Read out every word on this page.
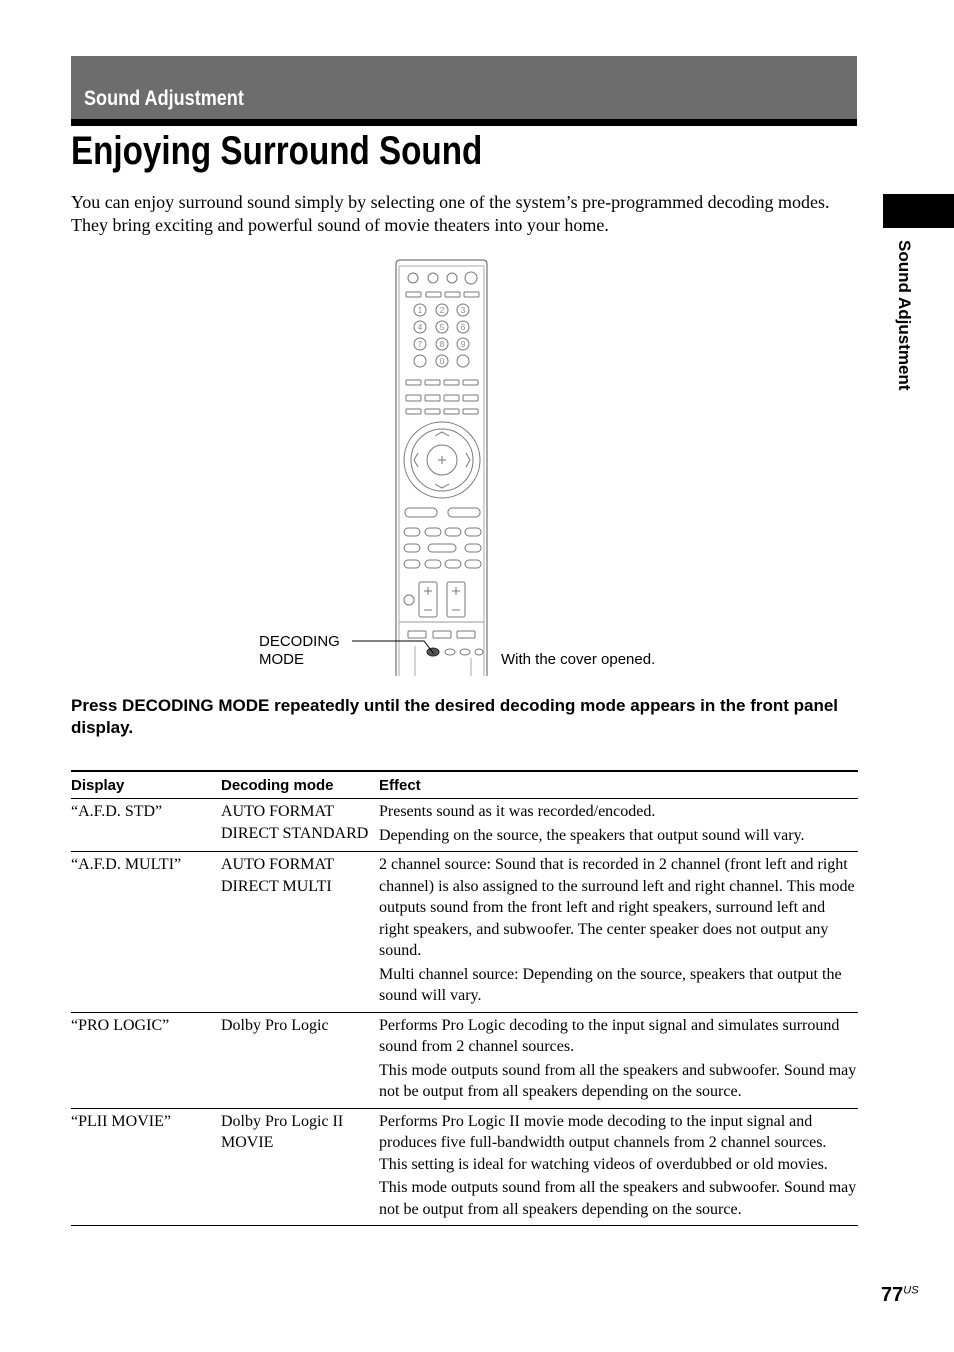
Sound Adjustment
Enjoying Surround Sound

You can enjoy surround sound simply by selecting one of the system’s pre-programmed decoding modes. They bring exciting and powerful sound of movie theaters into your home.

Sound Adjustment
1 2 3
4 5 6
7 8 9
0
DECODING
MODE	With the cover opened.

Press DECODING MODE repeatedly until the desired decoding mode appears in the front panel display.

Display	Decoding mode	Effect
“A.F.D. STD”	AUTO FORMAT DIRECT STANDARD	Presents sound as it was recorded/encoded.

Depending on the source, the speakers that output sound will vary.

“A.F.D. MULTI”	AUTO FORMAT DIRECT MULTI	2 channel source: Sound that is recorded in 2 channel (front left and right channel) is also assigned to the surround left and right channel. This mode outputs sound from the front left and right speakers, surround left and right speakers, and subwoofer. The center speaker does not output any sound.

Multi channel source: Depending on the source, speakers that output the sound will vary.

“PRO LOGIC”	Dolby Pro Logic	Performs Pro Logic decoding to the input signal and simulates surround sound from 2 channel sources.

This mode outputs sound from all the speakers and subwoofer. Sound may not be output from all speakers depending on the source.

“PLII MOVIE”	Dolby Pro Logic II MOVIE	Performs Pro Logic II movie mode decoding to the input signal and produces five full-bandwidth output channels from 2 channel sources. This setting is ideal for watching videos of overdubbed or old movies.

This mode outputs sound from all the speakers and subwoofer. Sound may not be output from all speakers depending on the source.

$77^{US}$
